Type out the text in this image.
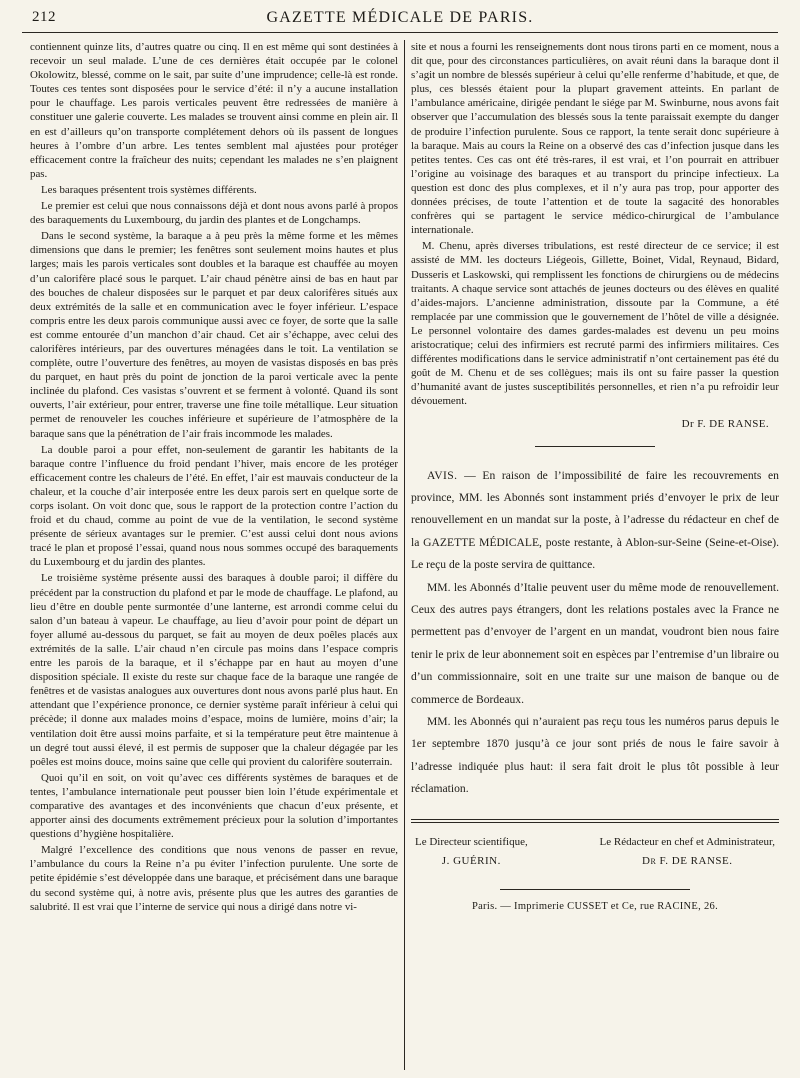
212	GAZETTE MÉDICALE DE PARIS.

contiennent quinze lits, d’autres quatre ou cinq. Il en est même qui sont destinées à recevoir un seul malade. L’une de ces dernières était occupée par le colonel Okolowitz, blessé, comme on le sait, par suite d’une imprudence; celle-là est ronde. Toutes ces tentes sont disposées pour le service d’été: il n’y a aucune installation pour le chauffage. Les parois verticales peuvent être redressées de manière à constituer une galerie couverte. Les malades se trouvent ainsi comme en plein air. Il en est d’ailleurs qu’on transporte complétement dehors où ils passent de longues heures à l’ombre d’un arbre. Les tentes semblent mal ajustées pour protéger efficacement contre la fraîcheur des nuits; cependant les malades ne s’en plaignent pas.

Les baraques présentent trois systèmes différents.

Le premier est celui que nous connaissons déjà et dont nous avons parlé à propos des baraquements du Luxembourg, du jardin des plantes et de Longchamps.

Dans le second système, la baraque a à peu près la même forme et les mêmes dimensions que dans le premier; les fenêtres sont seulement moins hautes et plus larges; mais les parois verticales sont doubles et la baraque est chauffée au moyen d’un calorifère placé sous le parquet. L’air chaud pénètre ainsi de bas en haut par des bouches de chaleur disposées sur le parquet et par deux calorifères situés aux deux extrémités de la salle et en communication avec le foyer inférieur. L’espace compris entre les deux parois communique aussi avec ce foyer, de sorte que la salle est comme entourée d’un manchon d’air chaud. Cet air s’échappe, avec celui des calorifères intérieurs, par des ouvertures ménagées dans le toit. La ventilation se complète, outre l’ouverture des fenêtres, au moyen de vasistas disposés en bas près du parquet, en haut près du point de jonction de la paroi verticale avec la pente inclinée du plafond. Ces vasistas s’ouvrent et se ferment à volonté. Quand ils sont ouverts, l’air extérieur, pour entrer, traverse une fine toile métallique. Leur situation permet de renouveler les couches inférieure et supérieure de l’atmosphère de la baraque sans que la pénétration de l’air frais incommode les malades.

La double paroi a pour effet, non-seulement de garantir les habitants de la baraque contre l’influence du froid pendant l’hiver, mais encore de les protéger efficacement contre les chaleurs de l’été. En effet, l’air est mauvais conducteur de la chaleur, et la couche d’air interposée entre les deux parois sert en quelque sorte de corps isolant. On voit donc que, sous le rapport de la protection contre l’action du froid et du chaud, comme au point de vue de la ventilation, le second système présente de sérieux avantages sur le premier. C’est aussi celui dont nous avions tracé le plan et proposé l’essai, quand nous nous sommes occupé des baraquements du Luxembourg et du jardin des plantes.

Le troisième système présente aussi des baraques à double paroi; il diffère du précédent par la construction du plafond et par le mode de chauffage. Le plafond, au lieu d’être en double pente surmontée d’une lanterne, est arrondi comme celui du salon d’un bateau à vapeur. Le chauffage, au lieu d’avoir pour point de départ un foyer allumé au-dessous du parquet, se fait au moyen de deux poêles placés aux extrémités de la salle. L’air chaud n’en circule pas moins dans l’espace compris entre les parois de la baraque, et il s’échappe par en haut au moyen d’une disposition spéciale. Il existe du reste sur chaque face de la baraque une rangée de fenêtres et de vasistas analogues aux ouvertures dont nous avons parlé plus haut. En attendant que l’expérience prononce, ce dernier système paraît inférieur à celui qui précède; il donne aux malades moins d’espace, moins de lumière, moins d’air; la ventilation doit être aussi moins parfaite, et si la température peut être maintenue à un degré tout aussi élevé, il est permis de supposer que la chaleur dégagée par les poêles est moins douce, moins saine que celle qui provient du calorifère souterrain.

Quoi qu’il en soit, on voit qu’avec ces différents systèmes de baraques et de tentes, l’ambulance internationale peut pousser bien loin l’étude expérimentale et comparative des avantages et des inconvénients que chacun d’eux présente, et apporter ainsi des documents extrêmement précieux pour la solution d’importantes questions d’hygiène hospitalière.

Malgré l’excellence des conditions que nous venons de passer en revue, l’ambulance du cours la Reine n’a pu éviter l’infection purulente. Une sorte de petite épidémie s’est développée dans une baraque, et précisément dans une baraque du second système qui, à notre avis, présente plus que les autres des garanties de salubrité. Il est vrai que l’interne de service qui nous a dirigé dans notre vi-

site et nous a fourni les renseignements dont nous tirons parti en ce moment, nous a dit que, pour des circonstances particulières, on avait réuni dans la baraque dont il s’agit un nombre de blessés supérieur à celui qu’elle renferme d’habitude, et que, de plus, ces blessés étaient pour la plupart gravement atteints. En parlant de l’ambulance américaine, dirigée pendant le siége par M. Swinburne, nous avons fait observer que l’accumulation des blessés sous la tente paraissait exempte du danger de produire l’infection purulente. Sous ce rapport, la tente serait donc supérieure à la baraque. Mais au cours la Reine on a observé des cas d’infection jusque dans les petites tentes. Ces cas ont été très-rares, il est vrai, et l’on pourrait en attribuer l’origine au voisinage des baraques et au transport du principe infectieux. La question est donc des plus complexes, et il n’y aura pas trop, pour apporter des données précises, de toute l’attention et de toute la sagacité des honorables confrères qui se partagent le service médico-chirurgical de l’ambulance internationale.

M. Chenu, après diverses tribulations, est resté directeur de ce service; il est assisté de MM. les docteurs Liégeois, Gillette, Boinet, Vidal, Reynaud, Bidard, Dusseris et Laskowski, qui remplissent les fonctions de chirurgiens ou de médecins traitants. A chaque service sont attachés de jeunes docteurs ou des élèves en qualité d’aides-majors. L’ancienne administration, dissoute par la Commune, a été remplacée par une commission que le gouvernement de l’hôtel de ville a désignée. Le personnel volontaire des dames gardes-malades est devenu un peu moins aristocratique; celui des infirmiers est recruté parmi des infirmiers militaires. Ces différentes modifications dans le service administratif n’ont certainement pas été du goût de M. Chenu et de ses collègues; mais ils ont su faire passer la question d’humanité avant de justes susceptibilités personnelles, et rien n’a pu refroidir leur dévouement.

Dr F. DE RANSE.

AVIS. — En raison de l’impossibilité de faire les recouvrements en province, MM. les Abonnés sont instamment priés d’envoyer le prix de leur renouvellement en un mandat sur la poste, à l’adresse du rédacteur en chef de la GAZETTE MÉDICALE, poste restante, à Ablon-sur-Seine (Seine-et-Oise). Le reçu de la poste servira de quittance.

MM. les Abonnés d’Italie peuvent user du même mode de renouvellement. Ceux des autres pays étrangers, dont les relations postales avec la France ne permettent pas d’envoyer de l’argent en un mandat, voudront bien nous faire tenir le prix de leur abonnement soit en espèces par l’entremise d’un libraire ou d’un commissionnaire, soit en une traite sur une maison de banque ou de commerce de Bordeaux.

MM. les Abonnés qui n’auraient pas reçu tous les numéros parus depuis le 1er septembre 1870 jusqu’à ce jour sont priés de nous le faire savoir à l’adresse indiquée plus haut: il sera fait droit le plus tôt possible à leur réclamation.

Le Directeur scientifique,
J. GUÉRIN.
Le Rédacteur en chef et Administrateur,
Dr F. DE RANSE.
Paris. — Imprimerie CUSSET et Ce, rue RACINE, 26.
